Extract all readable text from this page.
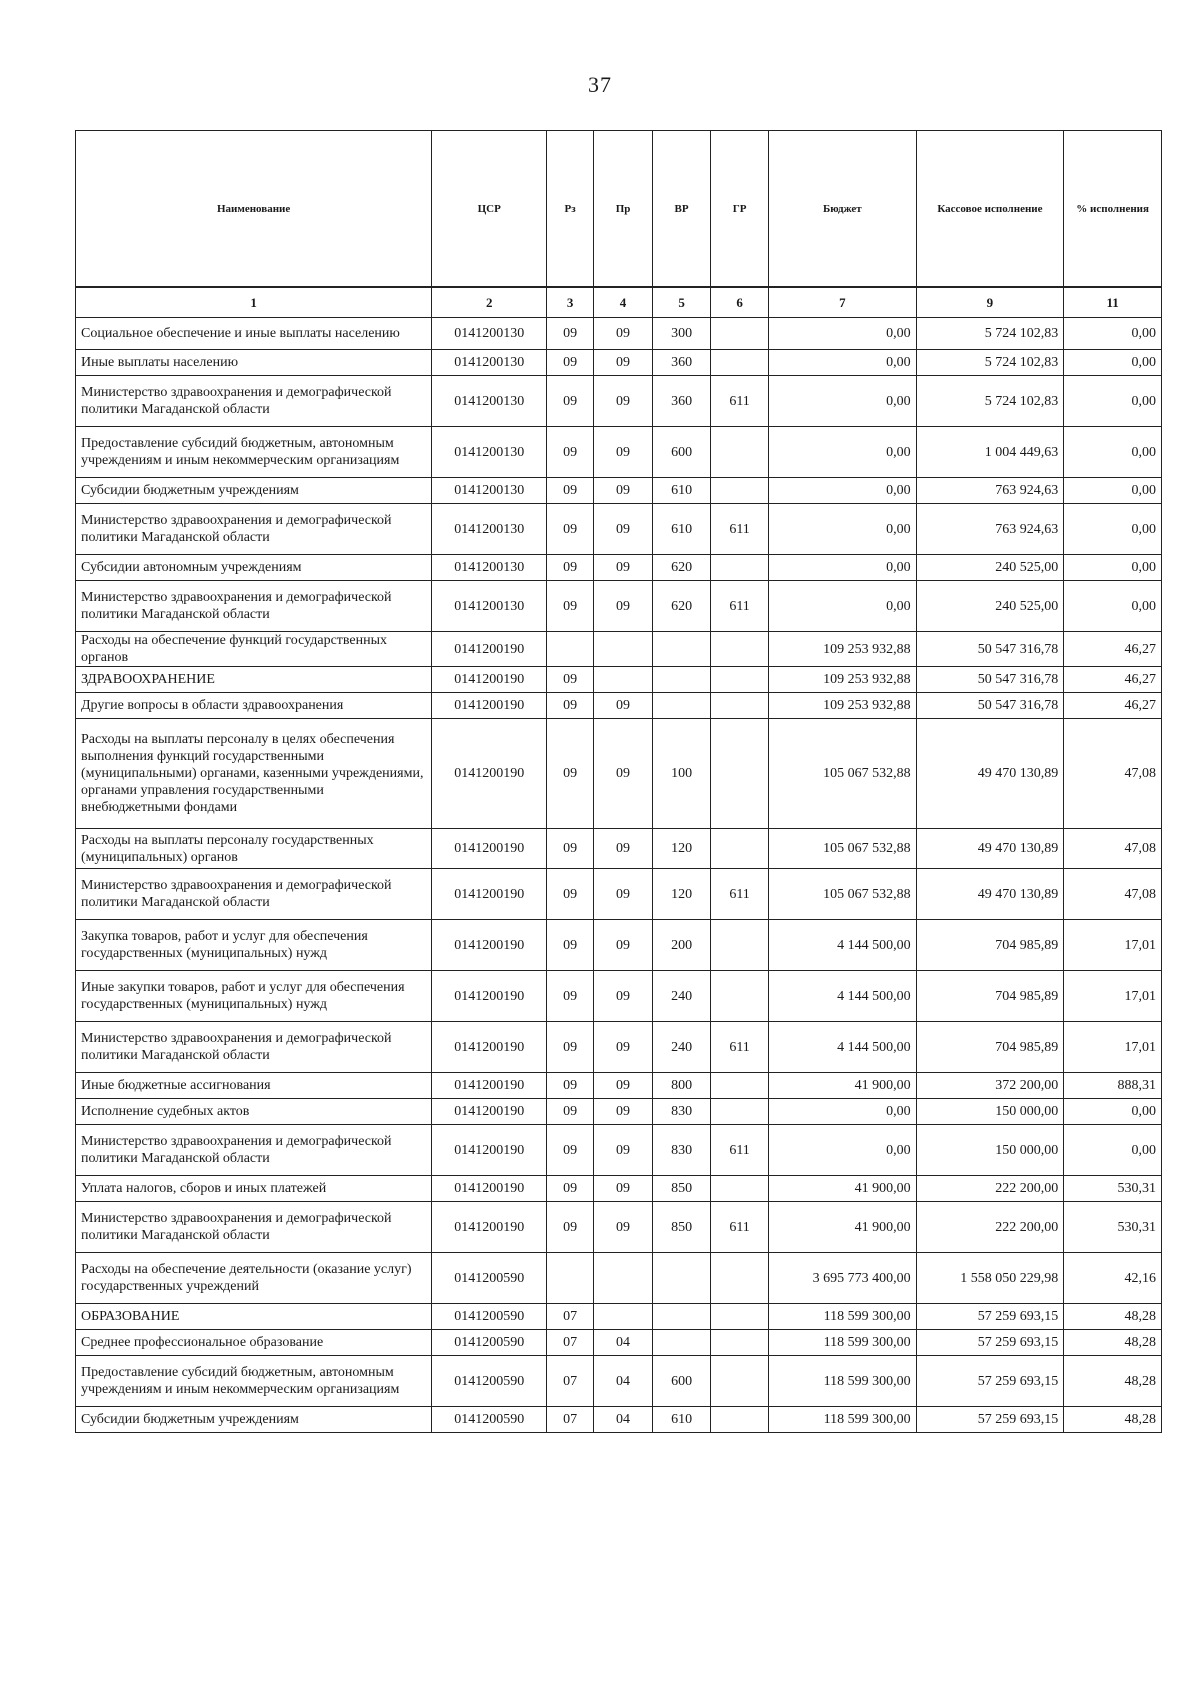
37
Наименование	ЦСР	Рз	Пр	ВР	ГР	Бюджет	Кассовое исполнение	% исполнения
1	2	3	4	5	6	7	9	11
Социальное обеспечение и иные выплаты населению	0141200130	09	09	300		0,00	5 724 102,83	0,00
Иные выплаты населению	0141200130	09	09	360		0,00	5 724 102,83	0,00
Министерство здравоохранения и демографической политики Магаданской области	0141200130	09	09	360	611	0,00	5 724 102,83	0,00
Предоставление субсидий бюджетным, автономным учреждениям и иным некоммерческим организациям	0141200130	09	09	600		0,00	1 004 449,63	0,00
Субсидии бюджетным учреждениям	0141200130	09	09	610		0,00	763 924,63	0,00
Министерство здравоохранения и демографической политики Магаданской области	0141200130	09	09	610	611	0,00	763 924,63	0,00
Субсидии автономным учреждениям	0141200130	09	09	620		0,00	240 525,00	0,00
Министерство здравоохранения и демографической политики Магаданской области	0141200130	09	09	620	611	0,00	240 525,00	0,00
Расходы на обеспечение функций государственных органов	0141200190					109 253 932,88	50 547 316,78	46,27
ЗДРАВООХРАНЕНИЕ	0141200190	09				109 253 932,88	50 547 316,78	46,27
Другие вопросы в области здравоохранения	0141200190	09	09			109 253 932,88	50 547 316,78	46,27
Расходы на выплаты персоналу в целях обеспечения выполнения функций государственными (муниципальными) органами, казенными учреждениями, органами управления государственными внебюджетными фондами	0141200190	09	09	100		105 067 532,88	49 470 130,89	47,08
Расходы на выплаты персоналу государственных (муниципальных) органов	0141200190	09	09	120		105 067 532,88	49 470 130,89	47,08
Министерство здравоохранения и демографической политики Магаданской области	0141200190	09	09	120	611	105 067 532,88	49 470 130,89	47,08
Закупка товаров, работ и услуг для обеспечения государственных (муниципальных) нужд	0141200190	09	09	200		4 144 500,00	704 985,89	17,01
Иные закупки товаров, работ и услуг для обеспечения государственных (муниципальных) нужд	0141200190	09	09	240		4 144 500,00	704 985,89	17,01
Министерство здравоохранения и демографической политики Магаданской области	0141200190	09	09	240	611	4 144 500,00	704 985,89	17,01
Иные бюджетные ассигнования	0141200190	09	09	800		41 900,00	372 200,00	888,31
Исполнение судебных актов	0141200190	09	09	830		0,00	150 000,00	0,00
Министерство здравоохранения и демографической политики Магаданской области	0141200190	09	09	830	611	0,00	150 000,00	0,00
Уплата налогов, сборов и иных платежей	0141200190	09	09	850		41 900,00	222 200,00	530,31
Министерство здравоохранения и демографической политики Магаданской области	0141200190	09	09	850	611	41 900,00	222 200,00	530,31
Расходы на обеспечение деятельности (оказание услуг) государственных учреждений	0141200590					3 695 773 400,00	1 558 050 229,98	42,16
ОБРАЗОВАНИЕ	0141200590	07				118 599 300,00	57 259 693,15	48,28
Среднее профессиональное образование	0141200590	07	04			118 599 300,00	57 259 693,15	48,28
Предоставление субсидий бюджетным, автономным учреждениям и иным некоммерческим организациям	0141200590	07	04	600		118 599 300,00	57 259 693,15	48,28
Субсидии бюджетным учреждениям	0141200590	07	04	610		118 599 300,00	57 259 693,15	48,28
